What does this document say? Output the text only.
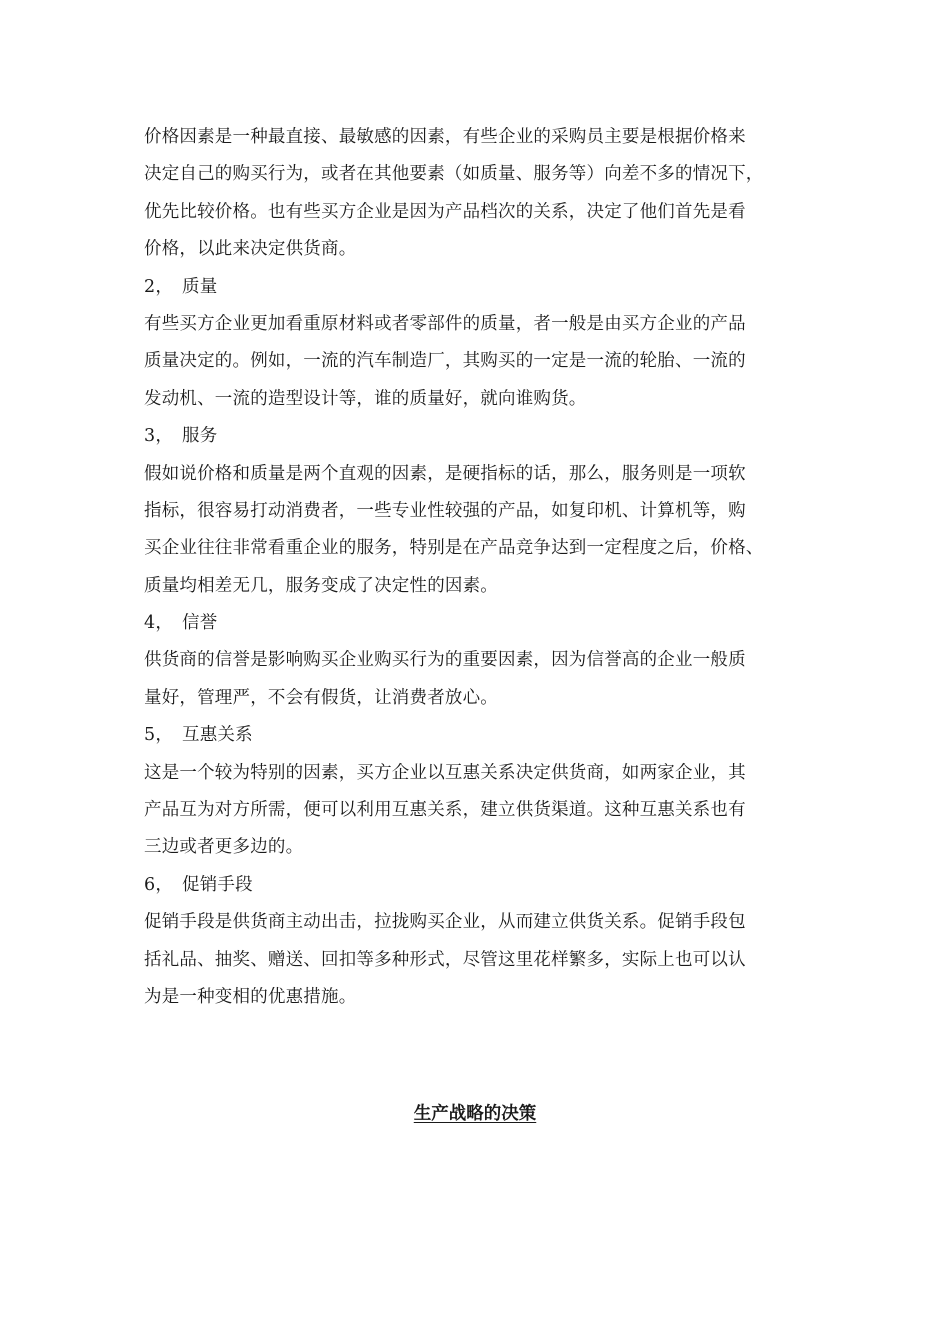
价格因素是一种最直接、最敏感的因素，有些企业的采购员主要是根据价格来
决定自己的购买行为，或者在其他要素（如质量、服务等）向差不多的情况下，
优先比较价格。也有些买方企业是因为产品档次的关系，决定了他们首先是看
价格，以此来决定供货商。
2， 质量
有些买方企业更加看重原材料或者零部件的质量，者一般是由买方企业的产品
质量决定的。例如，一流的汽车制造厂，其购买的一定是一流的轮胎、一流的
发动机、一流的造型设计等，谁的质量好，就向谁购货。
3， 服务
假如说价格和质量是两个直观的因素，是硬指标的话，那么，服务则是一项软
指标，很容易打动消费者，一些专业性较强的产品，如复印机、计算机等，购
买企业往往非常看重企业的服务，特别是在产品竞争达到一定程度之后，价格、
质量均相差无几，服务变成了决定性的因素。
4， 信誉
供货商的信誉是影响购买企业购买行为的重要因素，因为信誉高的企业一般质
量好，管理严，不会有假货，让消费者放心。
5， 互惠关系
这是一个较为特别的因素，买方企业以互惠关系决定供货商，如两家企业，其
产品互为对方所需，便可以利用互惠关系，建立供货渠道。这种互惠关系也有
三边或者更多边的。
6， 促销手段
促销手段是供货商主动出击，拉拢购买企业，从而建立供货关系。促销手段包
括礼品、抽奖、赠送、回扣等多种形式，尽管这里花样繁多，实际上也可以认
为是一种变相的优惠措施。
生产战略的决策
